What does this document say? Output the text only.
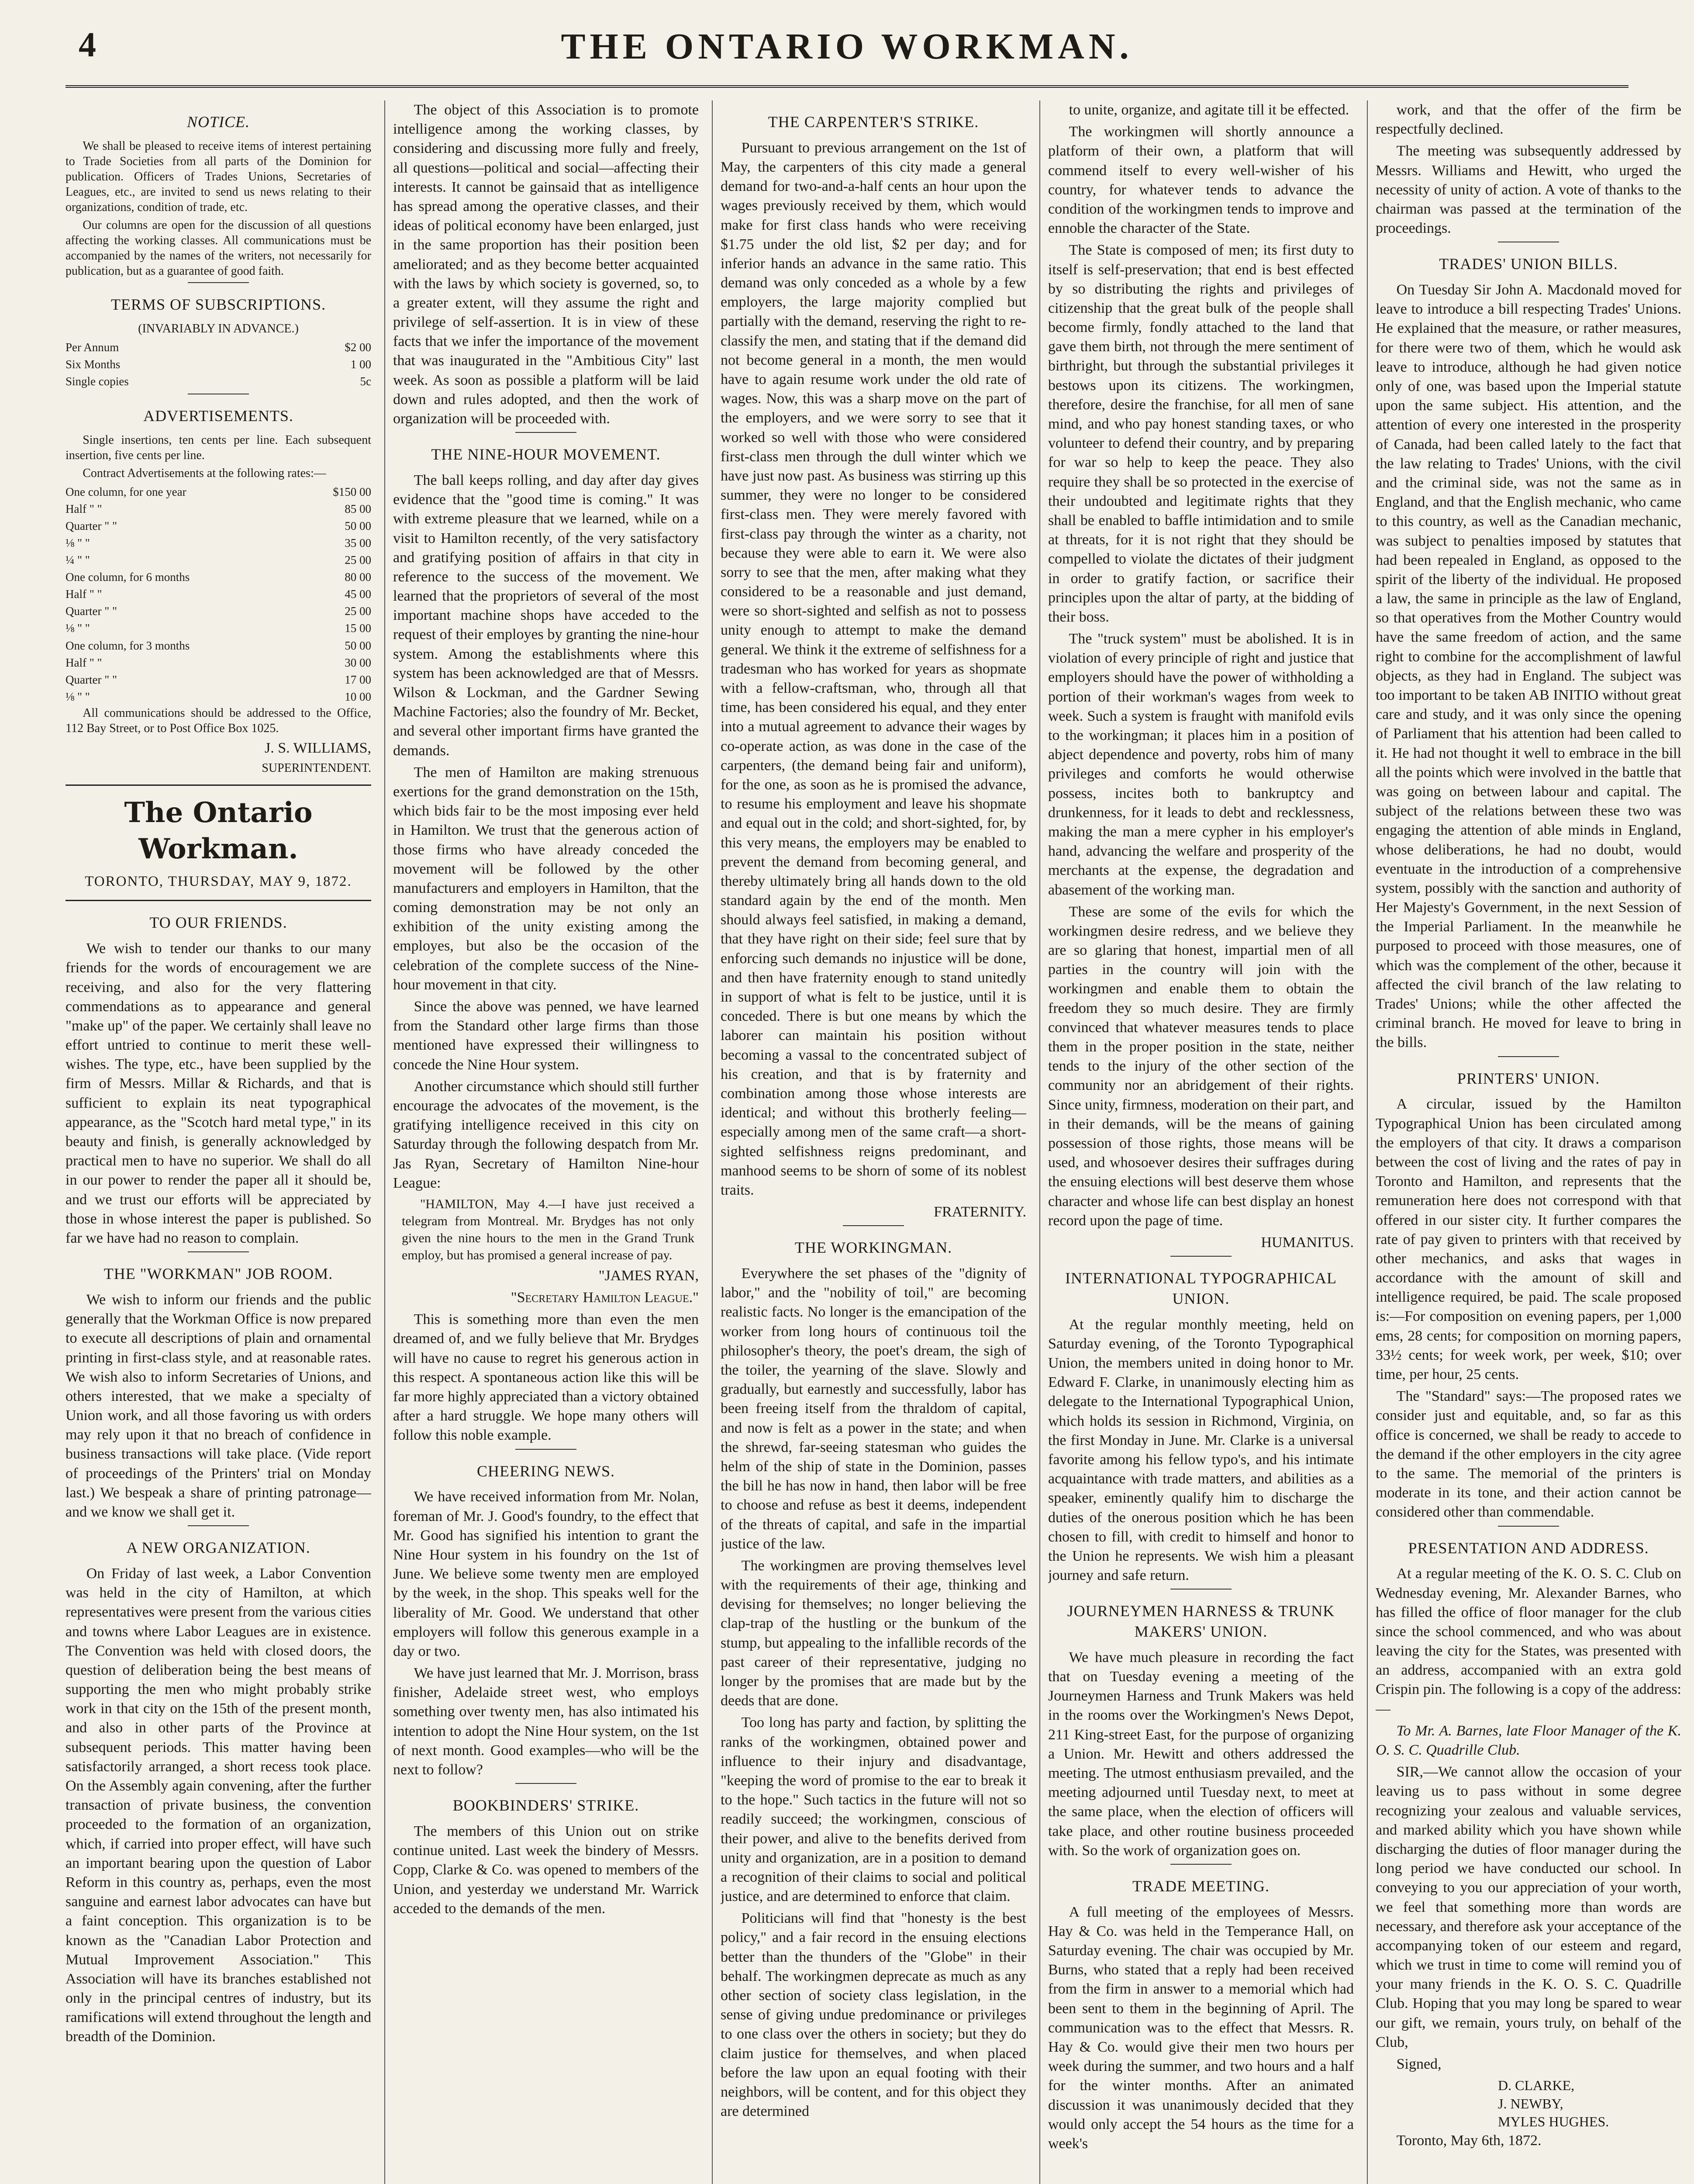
4	THE ONTARIO WORKMAN.
NOTICE.

We shall be pleased to receive items of interest pertaining to Trade Societies from all parts of the Dominion for publication. Officers of Trades Unions, Secretaries of Leagues, etc., are invited to send us news relating to their organizations, condition of trade, etc.

Our columns are open for the discussion of all questions affecting the working classes. All communications must be accompanied by the names of the writers, not necessarily for publication, but as a guarantee of good faith.

TERMS OF SUBSCRIPTIONS.

(INVARIABLY IN ADVANCE.)

Per Annum	$2 00
Six Months	1 00
Single copies	5c
ADVERTISEMENTS.

Single insertions, ten cents per line. Each subsequent insertion, five cents per line.

Contract Advertisements at the following rates:—

One column, for one year	$150 00
Half " "	85 00
Quarter " "	50 00
⅛ " "	35 00
¼ " "	25 00
One column, for 6 months	80 00
Half " "	45 00
Quarter " "	25 00
⅛ " "	15 00
One column, for 3 months	50 00
Half " "	30 00
Quarter " "	17 00
⅛ " "	10 00

All communications should be addressed to the Office, 112 Bay Street, or to Post Office Box 1025.

J. S. WILLIAMS,

SUPERINTENDENT.

The Ontario Workman.

TORONTO, THURSDAY, MAY 9, 1872.

TO OUR FRIENDS.

We wish to tender our thanks to our many friends for the words of encouragement we are receiving, and also for the very flattering commendations as to appearance and general "make up" of the paper. We certainly shall leave no effort untried to continue to merit these well-wishes. The type, etc., have been supplied by the firm of Messrs. Millar & Richards, and that is sufficient to explain its neat typographical appearance, as the "Scotch hard metal type," in its beauty and finish, is generally acknowledged by practical men to have no superior. We shall do all in our power to render the paper all it should be, and we trust our efforts will be appreciated by those in whose interest the paper is published. So far we have had no reason to complain.

THE "WORKMAN" JOB ROOM.

We wish to inform our friends and the public generally that the Workman Office is now prepared to execute all descriptions of plain and ornamental printing in first-class style, and at reasonable rates. We wish also to inform Secretaries of Unions, and others interested, that we make a specialty of Union work, and all those favoring us with orders may rely upon it that no breach of confidence in business transactions will take place. (Vide report of proceedings of the Printers' trial on Monday last.) We bespeak a share of printing patronage—and we know we shall get it.

A NEW ORGANIZATION.

On Friday of last week, a Labor Convention was held in the city of Hamilton, at which representatives were present from the various cities and towns where Labor Leagues are in existence. The Convention was held with closed doors, the question of deliberation being the best means of supporting the men who might probably strike work in that city on the 15th of the present month, and also in other parts of the Province at subsequent periods. This matter having been satisfactorily arranged, a short recess took place. On the Assembly again convening, after the further transaction of private business, the convention proceeded to the formation of an organization, which, if carried into proper effect, will have such an important bearing upon the question of Labor Reform in this country as, perhaps, even the most sanguine and earnest labor advocates can have but a faint conception. This organization is to be known as the "Canadian Labor Protection and Mutual Improvement Association." This Association will have its branches established not only in the principal centres of industry, but its ramifications will extend throughout the length and breadth of the Dominion.

The object of this Association is to promote intelligence among the working classes, by considering and discussing more fully and freely, all questions—political and social—affecting their interests. It cannot be gainsaid that as intelligence has spread among the operative classes, and their ideas of political economy have been enlarged, just in the same proportion has their position been ameliorated; and as they become better acquainted with the laws by which society is governed, so, to a greater extent, will they assume the right and privilege of self-assertion. It is in view of these facts that we infer the importance of the movement that was inaugurated in the "Ambitious City" last week. As soon as possible a platform will be laid down and rules adopted, and then the work of organization will be proceeded with.

THE NINE-HOUR MOVEMENT.

The ball keeps rolling, and day after day gives evidence that the "good time is coming." It was with extreme pleasure that we learned, while on a visit to Hamilton recently, of the very satisfactory and gratifying position of affairs in that city in reference to the success of the movement. We learned that the proprietors of several of the most important machine shops have acceded to the request of their employes by granting the nine-hour system. Among the establishments where this system has been acknowledged are that of Messrs. Wilson & Lockman, and the Gardner Sewing Machine Factories; also the foundry of Mr. Becket, and several other important firms have granted the demands.

The men of Hamilton are making strenuous exertions for the grand demonstration on the 15th, which bids fair to be the most imposing ever held in Hamilton. We trust that the generous action of those firms who have already conceded the movement will be followed by the other manufacturers and employers in Hamilton, that the coming demonstration may be not only an exhibition of the unity existing among the employes, but also be the occasion of the celebration of the complete success of the Nine-hour movement in that city.

Since the above was penned, we have learned from the Standard other large firms than those mentioned have expressed their willingness to concede the Nine Hour system.

Another circumstance which should still further encourage the advocates of the movement, is the gratifying intelligence received in this city on Saturday through the following despatch from Mr. Jas Ryan, Secretary of Hamilton Nine-hour League:

"HAMILTON, May 4.—I have just received a telegram from Montreal. Mr. Brydges has not only given the nine hours to the men in the Grand Trunk employ, but has promised a general increase of pay.

"JAMES RYAN,

"Secretary Hamilton League."

This is something more than even the men dreamed of, and we fully believe that Mr. Brydges will have no cause to regret his generous action in this respect. A spontaneous action like this will be far more highly appreciated than a victory obtained after a hard struggle. We hope many others will follow this noble example.

CHEERING NEWS.

We have received information from Mr. Nolan, foreman of Mr. J. Good's foundry, to the effect that Mr. Good has signified his intention to grant the Nine Hour system in his foundry on the 1st of June. We believe some twenty men are employed by the week, in the shop. This speaks well for the liberality of Mr. Good. We understand that other employers will follow this generous example in a day or two.

We have just learned that Mr. J. Morrison, brass finisher, Adelaide street west, who employs something over twenty men, has also intimated his intention to adopt the Nine Hour system, on the 1st of next month. Good examples—who will be the next to follow?

BOOKBINDERS' STRIKE.

The members of this Union out on strike continue united. Last week the bindery of Messrs. Copp, Clarke & Co. was opened to members of the Union, and yesterday we understand Mr. Warrick acceded to the demands of the men.

THE CARPENTER'S STRIKE.

Pursuant to previous arrangement on the 1st of May, the carpenters of this city made a general demand for two-and-a-half cents an hour upon the wages previously received by them, which would make for first class hands who were receiving $1.75 under the old list, $2 per day; and for inferior hands an advance in the same ratio. This demand was only conceded as a whole by a few employers, the large majority complied but partially with the demand, reserving the right to re-classify the men, and stating that if the demand did not become general in a month, the men would have to again resume work under the old rate of wages. Now, this was a sharp move on the part of the employers, and we were sorry to see that it worked so well with those who were considered first-class men through the dull winter which we have just now past. As business was stirring up this summer, they were no longer to be considered first-class men. They were merely favored with first-class pay through the winter as a charity, not because they were able to earn it. We were also sorry to see that the men, after making what they considered to be a reasonable and just demand, were so short-sighted and selfish as not to possess unity enough to attempt to make the demand general. We think it the extreme of selfishness for a tradesman who has worked for years as shopmate with a fellow-craftsman, who, through all that time, has been considered his equal, and they enter into a mutual agreement to advance their wages by co-operate action, as was done in the case of the carpenters, (the demand being fair and uniform), for the one, as soon as he is promised the advance, to resume his employment and leave his shopmate and equal out in the cold; and short-sighted, for, by this very means, the employers may be enabled to prevent the demand from becoming general, and thereby ultimately bring all hands down to the old standard again by the end of the month. Men should always feel satisfied, in making a demand, that they have right on their side; feel sure that by enforcing such demands no injustice will be done, and then have fraternity enough to stand unitedly in support of what is felt to be justice, until it is conceded. There is but one means by which the laborer can maintain his position without becoming a vassal to the concentrated subject of his creation, and that is by fraternity and combination among those whose interests are identical; and without this brotherly feeling—especially among men of the same craft—a short-sighted selfishness reigns predominant, and manhood seems to be shorn of some of its noblest traits.

FRATERNITY.

THE WORKINGMAN.

Everywhere the set phases of the "dignity of labor," and the "nobility of toil," are becoming realistic facts. No longer is the emancipation of the worker from long hours of continuous toil the philosopher's theory, the poet's dream, the sigh of the toiler, the yearning of the slave. Slowly and gradually, but earnestly and successfully, labor has been freeing itself from the thraldom of capital, and now is felt as a power in the state; and when the shrewd, far-seeing statesman who guides the helm of the ship of state in the Dominion, passes the bill he has now in hand, then labor will be free to choose and refuse as best it deems, independent of the threats of capital, and safe in the impartial justice of the law.

The workingmen are proving themselves level with the requirements of their age, thinking and devising for themselves; no longer believing the clap-trap of the hustling or the bunkum of the stump, but appealing to the infallible records of the past career of their representative, judging no longer by the promises that are made but by the deeds that are done.

Too long has party and faction, by splitting the ranks of the workingmen, obtained power and influence to their injury and disadvantage, "keeping the word of promise to the ear to break it to the hope." Such tactics in the future will not so readily succeed; the workingmen, conscious of their power, and alive to the benefits derived from unity and organization, are in a position to demand a recognition of their claims to social and political justice, and are determined to enforce that claim.

Politicians will find that "honesty is the best policy," and a fair record in the ensuing elections better than the thunders of the "Globe" in their behalf. The workingmen deprecate as much as any other section of society class legislation, in the sense of giving undue predominance or privileges to one class over the others in society; but they do claim justice for themselves, and when placed before the law upon an equal footing with their neighbors, will be content, and for this object they are determined

to unite, organize, and agitate till it be effected.

The workingmen will shortly announce a platform of their own, a platform that will commend itself to every well-wisher of his country, for whatever tends to advance the condition of the workingmen tends to improve and ennoble the character of the State.

The State is composed of men; its first duty to itself is self-preservation; that end is best effected by so distributing the rights and privileges of citizenship that the great bulk of the people shall become firmly, fondly attached to the land that gave them birth, not through the mere sentiment of birthright, but through the substantial privileges it bestows upon its citizens. The workingmen, therefore, desire the franchise, for all men of sane mind, and who pay honest standing taxes, or who volunteer to defend their country, and by preparing for war so help to keep the peace. They also require they shall be so protected in the exercise of their undoubted and legitimate rights that they shall be enabled to baffle intimidation and to smile at threats, for it is not right that they should be compelled to violate the dictates of their judgment in order to gratify faction, or sacrifice their principles upon the altar of party, at the bidding of their boss.

The "truck system" must be abolished. It is in violation of every principle of right and justice that employers should have the power of withholding a portion of their workman's wages from week to week. Such a system is fraught with manifold evils to the workingman; it places him in a position of abject dependence and poverty, robs him of many privileges and comforts he would otherwise possess, incites both to bankruptcy and drunkenness, for it leads to debt and recklessness, making the man a mere cypher in his employer's hand, advancing the welfare and prosperity of the merchants at the expense, the degradation and abasement of the working man.

These are some of the evils for which the workingmen desire redress, and we believe they are so glaring that honest, impartial men of all parties in the country will join with the workingmen and enable them to obtain the freedom they so much desire. They are firmly convinced that whatever measures tends to place them in the proper position in the state, neither tends to the injury of the other section of the community nor an abridgement of their rights. Since unity, firmness, moderation on their part, and in their demands, will be the means of gaining possession of those rights, those means will be used, and whosoever desires their suffrages during the ensuing elections will best deserve them whose character and whose life can best display an honest record upon the page of time.

HUMANITUS.

INTERNATIONAL TYPOGRAPHICAL UNION.

At the regular monthly meeting, held on Saturday evening, of the Toronto Typographical Union, the members united in doing honor to Mr. Edward F. Clarke, in unanimously electing him as delegate to the International Typographical Union, which holds its session in Richmond, Virginia, on the first Monday in June. Mr. Clarke is a universal favorite among his fellow typo's, and his intimate acquaintance with trade matters, and abilities as a speaker, eminently qualify him to discharge the duties of the onerous position which he has been chosen to fill, with credit to himself and honor to the Union he represents. We wish him a pleasant journey and safe return.

JOURNEYMEN HARNESS & TRUNK MAKERS' UNION.

We have much pleasure in recording the fact that on Tuesday evening a meeting of the Journeymen Harness and Trunk Makers was held in the rooms over the Workingmen's News Depot, 211 King-street East, for the purpose of organizing a Union. Mr. Hewitt and others addressed the meeting. The utmost enthusiasm prevailed, and the meeting adjourned until Tuesday next, to meet at the same place, when the election of officers will take place, and other routine business proceeded with. So the work of organization goes on.

TRADE MEETING.

A full meeting of the employees of Messrs. Hay & Co. was held in the Temperance Hall, on Saturday evening. The chair was occupied by Mr. Burns, who stated that a reply had been received from the firm in answer to a memorial which had been sent to them in the beginning of April. The communication was to the effect that Messrs. R. Hay & Co. would give their men two hours per week during the summer, and two hours and a half for the winter months. After an animated discussion it was unanimously decided that they would only accept the 54 hours as the time for a week's

work, and that the offer of the firm be respectfully declined.

The meeting was subsequently addressed by Messrs. Williams and Hewitt, who urged the necessity of unity of action. A vote of thanks to the chairman was passed at the termination of the proceedings.

TRADES' UNION BILLS.

On Tuesday Sir John A. Macdonald moved for leave to introduce a bill respecting Trades' Unions. He explained that the measure, or rather measures, for there were two of them, which he would ask leave to introduce, although he had given notice only of one, was based upon the Imperial statute upon the same subject. His attention, and the attention of every one interested in the prosperity of Canada, had been called lately to the fact that the law relating to Trades' Unions, with the civil and the criminal side, was not the same as in England, and that the English mechanic, who came to this country, as well as the Canadian mechanic, was subject to penalties imposed by statutes that had been repealed in England, as opposed to the spirit of the liberty of the individual. He proposed a law, the same in principle as the law of England, so that operatives from the Mother Country would have the same freedom of action, and the same right to combine for the accomplishment of lawful objects, as they had in England. The subject was too important to be taken AB INITIO without great care and study, and it was only since the opening of Parliament that his attention had been called to it. He had not thought it well to embrace in the bill all the points which were involved in the battle that was going on between labour and capital. The subject of the relations between these two was engaging the attention of able minds in England, whose deliberations, he had no doubt, would eventuate in the introduction of a comprehensive system, possibly with the sanction and authority of Her Majesty's Government, in the next Session of the Imperial Parliament. In the meanwhile he purposed to proceed with those measures, one of which was the complement of the other, because it affected the civil branch of the law relating to Trades' Unions; while the other affected the criminal branch. He moved for leave to bring in the bills.

PRINTERS' UNION.

A circular, issued by the Hamilton Typographical Union has been circulated among the employers of that city. It draws a comparison between the cost of living and the rates of pay in Toronto and Hamilton, and represents that the remuneration here does not correspond with that offered in our sister city. It further compares the rate of pay given to printers with that received by other mechanics, and asks that wages in accordance with the amount of skill and intelligence required, be paid. The scale proposed is:—For composition on evening papers, per 1,000 ems, 28 cents; for composition on morning papers, 33½ cents; for week work, per week, $10; over time, per hour, 25 cents.

The "Standard" says:—The proposed rates we consider just and equitable, and, so far as this office is concerned, we shall be ready to accede to the demand if the other employers in the city agree to the same. The memorial of the printers is moderate in its tone, and their action cannot be considered other than commendable.

PRESENTATION AND ADDRESS.

At a regular meeting of the K. O. S. C. Club on Wednesday evening, Mr. Alexander Barnes, who has filled the office of floor manager for the club since the school commenced, and who was about leaving the city for the States, was presented with an address, accompanied with an extra gold Crispin pin. The following is a copy of the address:—

To Mr. A. Barnes, late Floor Manager of the K. O. S. C. Quadrille Club.

SIR,—We cannot allow the occasion of your leaving us to pass without in some degree recognizing your zealous and valuable services, and marked ability which you have shown while discharging the duties of floor manager during the long period we have conducted our school. In conveying to you our appreciation of your worth, we feel that something more than words are necessary, and therefore ask your acceptance of the accompanying token of our esteem and regard, which we trust in time to come will remind you of your many friends in the K. O. S. C. Quadrille Club. Hoping that you may long be spared to wear our gift, we remain, yours truly, on behalf of the Club,

Signed,

D. CLARKE,
J. NEWBY,
MYLES HUGHES.

Toronto, May 6th, 1872.
